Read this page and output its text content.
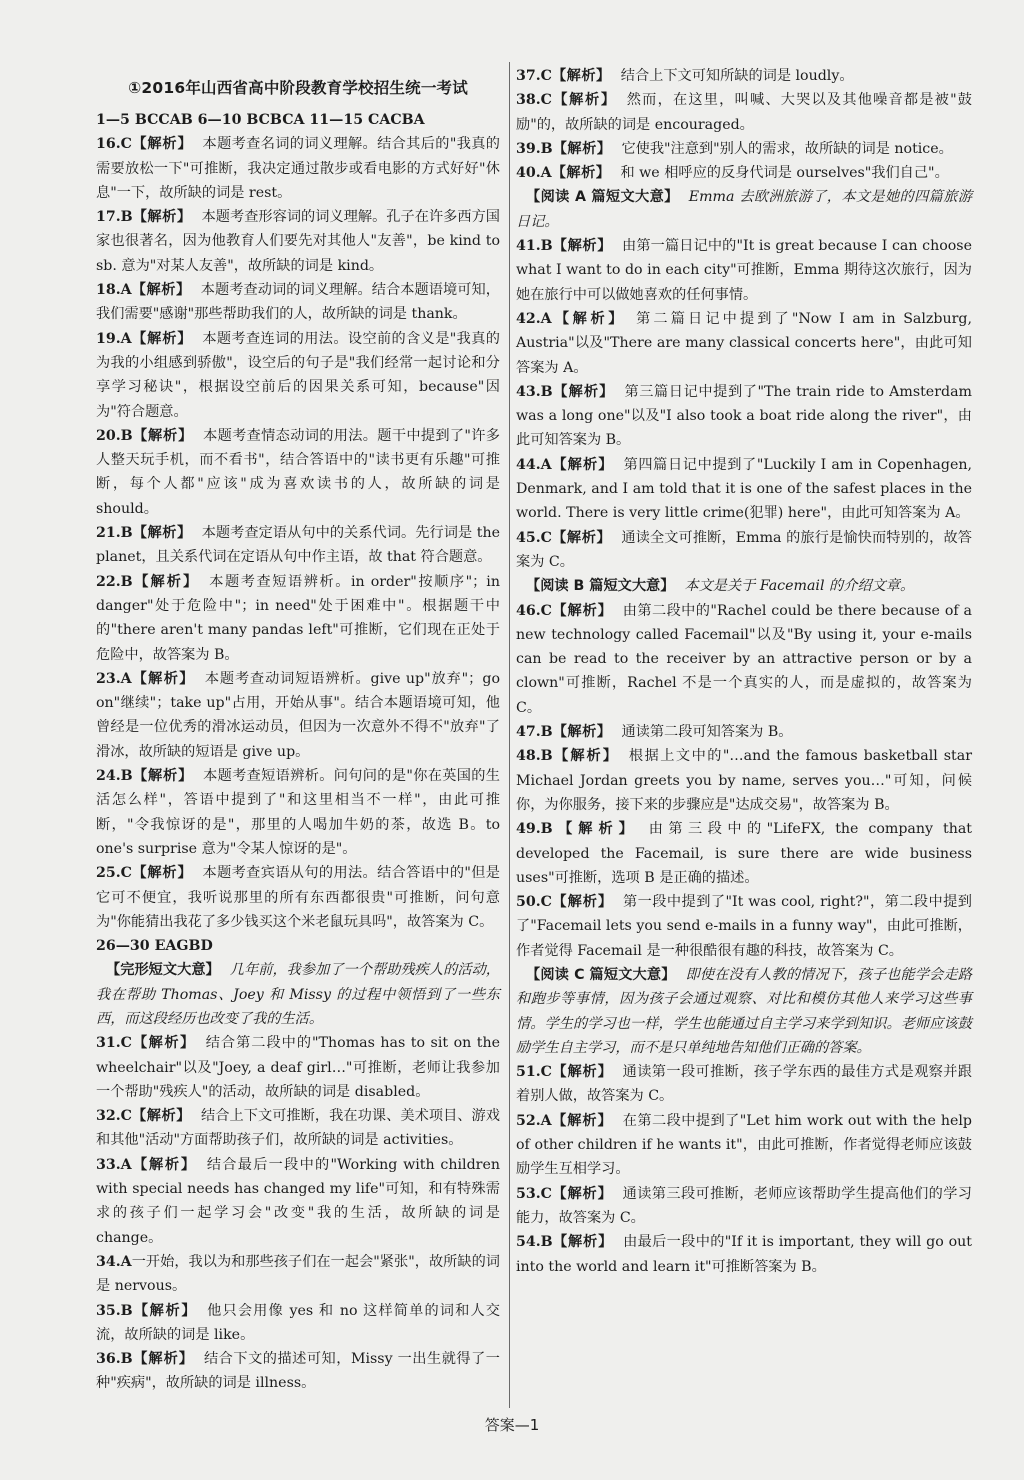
①2016年山西省高中阶段教育学校招生统一考试
1—5 BCCAB 6—10 BCBCA 11—15 CACBA
16.C【解析】 本题考查名词的词义理解。结合其后的"我真的需要放松一下"可推断，我决定通过散步或看电影的方式好好"休息"一下，故所缺的词是 rest。
17.B【解析】 本题考查形容词的词义理解。孔子在许多西方国家也很著名，因为他教育人们要先对其他人"友善"，be kind to sb. 意为"对某人友善"，故所缺的词是 kind。
18.A【解析】 本题考查动词的词义理解。结合本题语境可知，我们需要"感谢"那些帮助我们的人，故所缺的词是 thank。
19.A【解析】 本题考查连词的用法。设空前的含义是"我真的为我的小组感到骄傲"，设空后的句子是"我们经常一起讨论和分享学习秘诀"，根据设空前后的因果关系可知，because"因为"符合题意。
20.B【解析】 本题考查情态动词的用法。题干中提到了"许多人整天玩手机，而不看书"，结合答语中的"读书更有乐趣"可推断，每个人都"应该"成为喜欢读书的人，故所缺的词是 should。
21.B【解析】 本题考查定语从句中的关系代词。先行词是 the planet，且关系代词在定语从句中作主语，故 that 符合题意。
22.B【解析】 本题考查短语辨析。in order"按顺序"；in danger"处于危险中"；in need"处于困难中"。根据题干中的"there aren't many pandas left"可推断，它们现在正处于危险中，故答案为 B。
23.A【解析】 本题考查动词短语辨析。give up"放弃"；go on"继续"；take up"占用，开始从事"。结合本题语境可知，他曾经是一位优秀的滑冰运动员，但因为一次意外不得不"放弃"了滑冰，故所缺的短语是 give up。
24.B【解析】 本题考查短语辨析。问句问的是"你在英国的生活怎么样"，答语中提到了"和这里相当不一样"，由此可推断，"令我惊讶的是"，那里的人喝加牛奶的茶，故选 B。to one's surprise 意为"令某人惊讶的是"。
25.C【解析】 本题考查宾语从句的用法。结合答语中的"但是它可不便宜，我听说那里的所有东西都很贵"可推断，问句意为"你能猜出我花了多少钱买这个米老鼠玩具吗"，故答案为 C。
26—30 EAGBD
【完形短文大意】 几年前，我参加了一个帮助残疾人的活动，我在帮助 Thomas、Joey 和 Missy 的过程中领悟到了一些东西，而这段经历也改变了我的生活。
31.C【解析】 结合第二段中的"Thomas has to sit on the wheelchair"以及"Joey, a deaf girl…"可推断，老师让我参加一个帮助"残疾人"的活动，故所缺的词是 disabled。
32.C【解析】 结合上下文可推断，我在功课、美术项目、游戏和其他"活动"方面帮助孩子们，故所缺的词是 activities。
33.A【解析】 结合最后一段中的"Working with children with special needs has changed my life"可知，和有特殊需求的孩子们一起学习会"改变"我的生活，故所缺的词是 change。
34.A一开始，我以为和那些孩子们在一起会"紧张"，故所缺的词是 nervous。
35.B【解析】 他只会用像 yes 和 no 这样简单的词和人交流，故所缺的词是 like。
36.B【解析】 结合下文的描述可知，Missy 一出生就得了一种"疾病"，故所缺的词是 illness。
37.C【解析】 结合上下文可知所缺的词是 loudly。
38.C【解析】 然而，在这里，叫喊、大哭以及其他噪音都是被"鼓励"的，故所缺的词是 encouraged。
39.B【解析】 它使我"注意到"别人的需求，故所缺的词是 notice。
40.A【解析】 和 we 相呼应的反身代词是 ourselves"我们自己"。
【阅读 A 篇短文大意】 Emma 去欧洲旅游了，本文是她的四篇旅游日记。
41.B【解析】 由第一篇日记中的"It is great because I can choose what I want to do in each city"可推断，Emma 期待这次旅行，因为她在旅行中可以做她喜欢的任何事情。
42.A【解析】 第二篇日记中提到了"Now I am in Salzburg, Austria"以及"There are many classical concerts here"，由此可知答案为 A。
43.B【解析】 第三篇日记中提到了"The train ride to Amsterdam was a long one"以及"I also took a boat ride along the river"，由此可知答案为 B。
44.A【解析】 第四篇日记中提到了"Luckily I am in Copenhagen, Denmark, and I am told that it is one of the safest places in the world. There is very little crime(犯罪) here"，由此可知答案为 A。
45.C【解析】 通读全文可推断，Emma 的旅行是愉快而特别的，故答案为 C。
【阅读 B 篇短文大意】 本文是关于 Facemail 的介绍文章。
46.C【解析】 由第二段中的"Rachel could be there because of a new technology called Facemail"以及"By using it, your e-mails can be read to the receiver by an attractive person or by a clown"可推断，Rachel 不是一个真实的人，而是虚拟的，故答案为 C。
47.B【解析】 通读第二段可知答案为 B。
48.B【解析】 根据上文中的"…and the famous basketball star Michael Jordan greets you by name, serves you…"可知，问候你，为你服务，接下来的步骤应是"达成交易"，故答案为 B。
49.B【解析】 由第三段中的"LifeFX, the company that developed the Facemail, is sure there are wide business uses"可推断，选项 B 是正确的描述。
50.C【解析】 第一段中提到了"It was cool, right?"，第二段中提到了"Facemail lets you send e-mails in a funny way"，由此可推断，作者觉得 Facemail 是一种很酷很有趣的科技，故答案为 C。
【阅读 C 篇短文大意】 即使在没有人教的情况下，孩子也能学会走路和跑步等事情，因为孩子会通过观察、对比和模仿其他人来学习这些事情。学生的学习也一样，学生也能通过自主学习来学到知识。老师应该鼓励学生自主学习，而不是只单纯地告知他们正确的答案。
51.C【解析】 通读第一段可推断，孩子学东西的最佳方式是观察并跟着别人做，故答案为 C。
52.A【解析】 在第二段中提到了"Let him work out with the help of other children if he wants it"，由此可推断，作者觉得老师应该鼓励学生互相学习。
53.C【解析】 通读第三段可推断，老师应该帮助学生提高他们的学习能力，故答案为 C。
54.B【解析】 由最后一段中的"If it is important, they will go out into the world and learn it"可推断答案为 B。
答案—1
